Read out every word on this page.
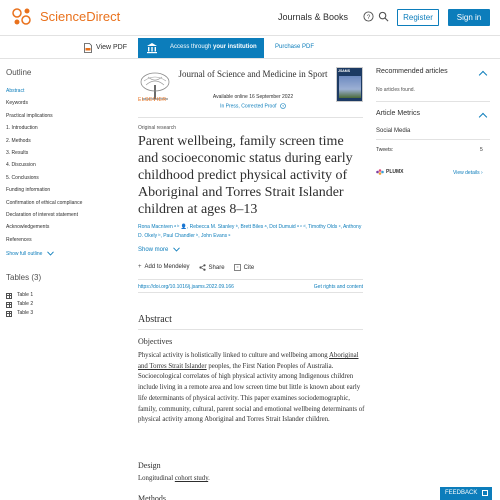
ScienceDirect	Journals & Books	?	Register	Sign in
View PDF	Access through your institution	Purchase PDF
Outline
Abstract
Keywords
Practical implications
1. Introduction
2. Methods
3. Results
4. Discussion
5. Conclusions
Funding information
Confirmation of ethical compliance
Declaration of interest statement
Acknowledgements
References
Show full outline
Tables (3)
Table 1
Table 2
Table 3
ELSEVIER
Journal of Science and Medicine in Sport
Available online 16 September 2022
In Press, Corrected Proof ?
JSAMS
Original research
Parent wellbeing, family screen time and socioeconomic status during early childhood predict physical activity of Aboriginal and Torres Strait Islander children at ages 8–13
Rona Macniven ᵃ ᵇ 👤, Rebecca M. Stanley ᵇ, Brett Biles ᵃ, Dot Dumuid ᵃ ᶜ ᵈ, Timothy Olds ᶜ, Anthony D. Okely ᵇ, Paul Chandler ᵇ, John Evans ᵉ
Show more
+ Add to Mendeley	Share " Cite
https://doi.org/10.1016/j.jsams.2022.09.166	Get rights and content
Abstract
Objectives

Physical activity is holistically linked to culture and wellbeing among Aboriginal and Torres Strait Islander peoples, the First Nation Peoples of Australia. Socioecological correlates of high physical activity among Indigenous children include living in a remote area and low screen time but little is known about early life determinants of physical activity. This paper examines sociodemographic, family, community, cultural, parent social and emotional wellbeing determinants of physical activity among Aboriginal and Torres Strait Islander children.

Design

Longitudinal cohort study.

Methods
Recommended articles
No articles found.
Article Metrics
Social Media
Tweets:	5
PLUMX	View details ›
FEEDBACK
